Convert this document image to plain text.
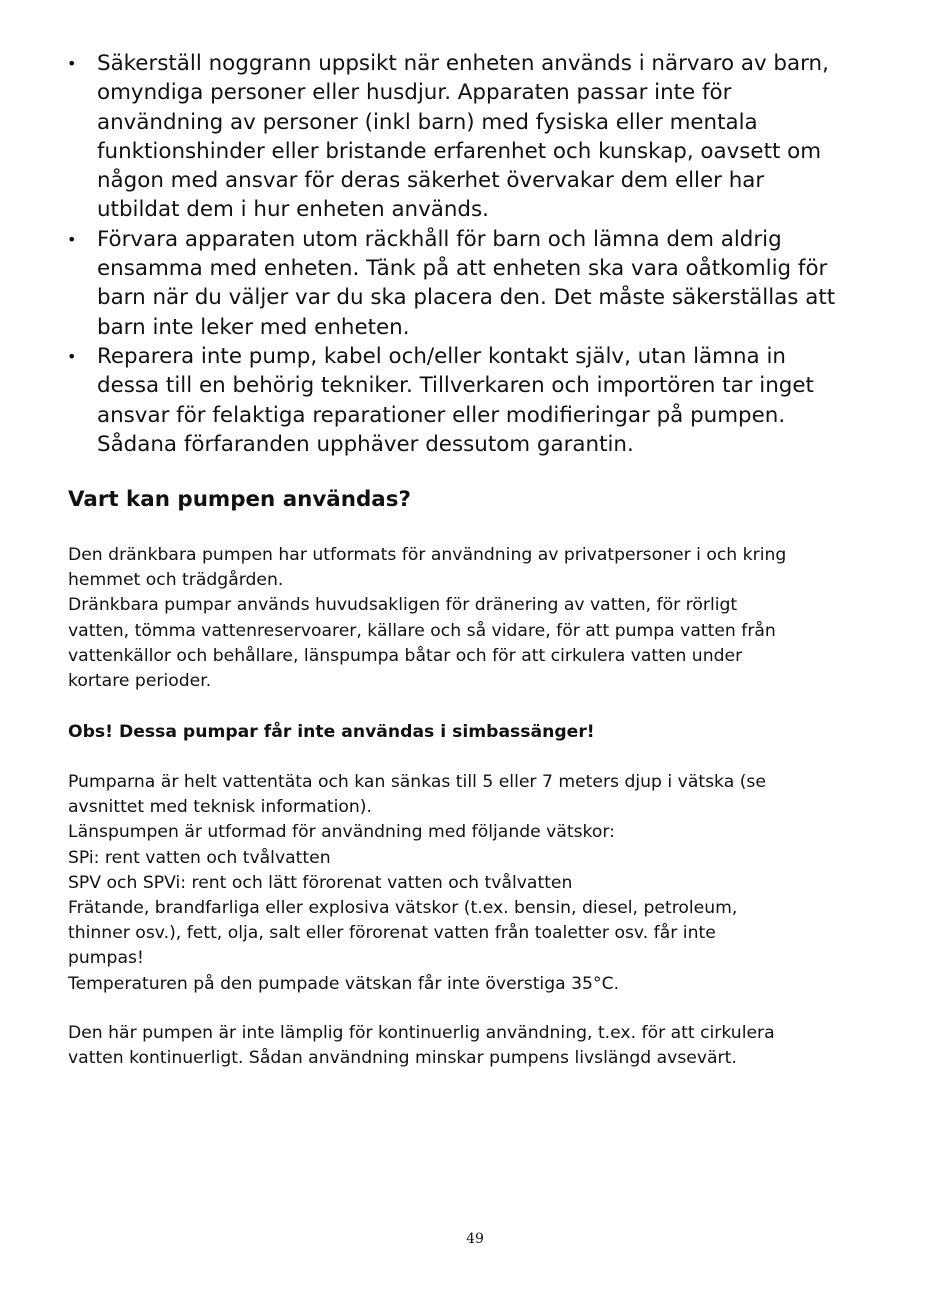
• Säkerställ noggrann uppsikt när enheten används i närvaro av barn,
omyndiga personer eller husdjur. Apparaten passar inte för
användning av personer (inkl barn) med fysiska eller mentala
funktionshinder eller bristande erfarenhet och kunskap, oavsett om
någon med ansvar för deras säkerhet övervakar dem eller har
utbildat dem i hur enheten används.
• Förvara apparaten utom räckhåll för barn och lämna dem aldrig
ensamma med enheten. Tänk på att enheten ska vara oåtkomlig för
barn när du väljer var du ska placera den. Det måste säkerställas att
barn inte leker med enheten.
• Reparera inte pump, kabel och/eller kontakt själv, utan lämna in
dessa till en behörig tekniker. Tillverkaren och importören tar inget
ansvar för felaktiga reparationer eller modifieringar på pumpen.
Sådana förfaranden upphäver dessutom garantin.
Vart kan pumpen användas?

Den dränkbara pumpen har utformats för användning av privatpersoner i och kring

hemmet och trädgården.

Dränkbara pumpar används huvudsakligen för dränering av vatten, för rörligt

vatten, tömma vattenreservoarer, källare och så vidare, för att pumpa vatten från

vattenkällor och behållare, länspumpa båtar och för att cirkulera vatten under

kortare perioder.

Obs! Dessa pumpar får inte användas i simbassänger!

Pumparna är helt vattentäta och kan sänkas till 5 eller 7 meters djup i vätska (se

avsnittet med teknisk information).

Länspumpen är utformad för användning med följande vätskor:

SPi: rent vatten och tvålvatten

SPV och SPVi: rent och lätt förorenat vatten och tvålvatten

Frätande, brandfarliga eller explosiva vätskor (t.ex. bensin, diesel, petroleum,

thinner osv.), fett, olja, salt eller förorenat vatten från toaletter osv. får inte

pumpas!

Temperaturen på den pumpade vätskan får inte överstiga 35°C.

Den här pumpen är inte lämplig för kontinuerlig användning, t.ex. för att cirkulera

vatten kontinuerligt. Sådan användning minskar pumpens livslängd avsevärt.

49
